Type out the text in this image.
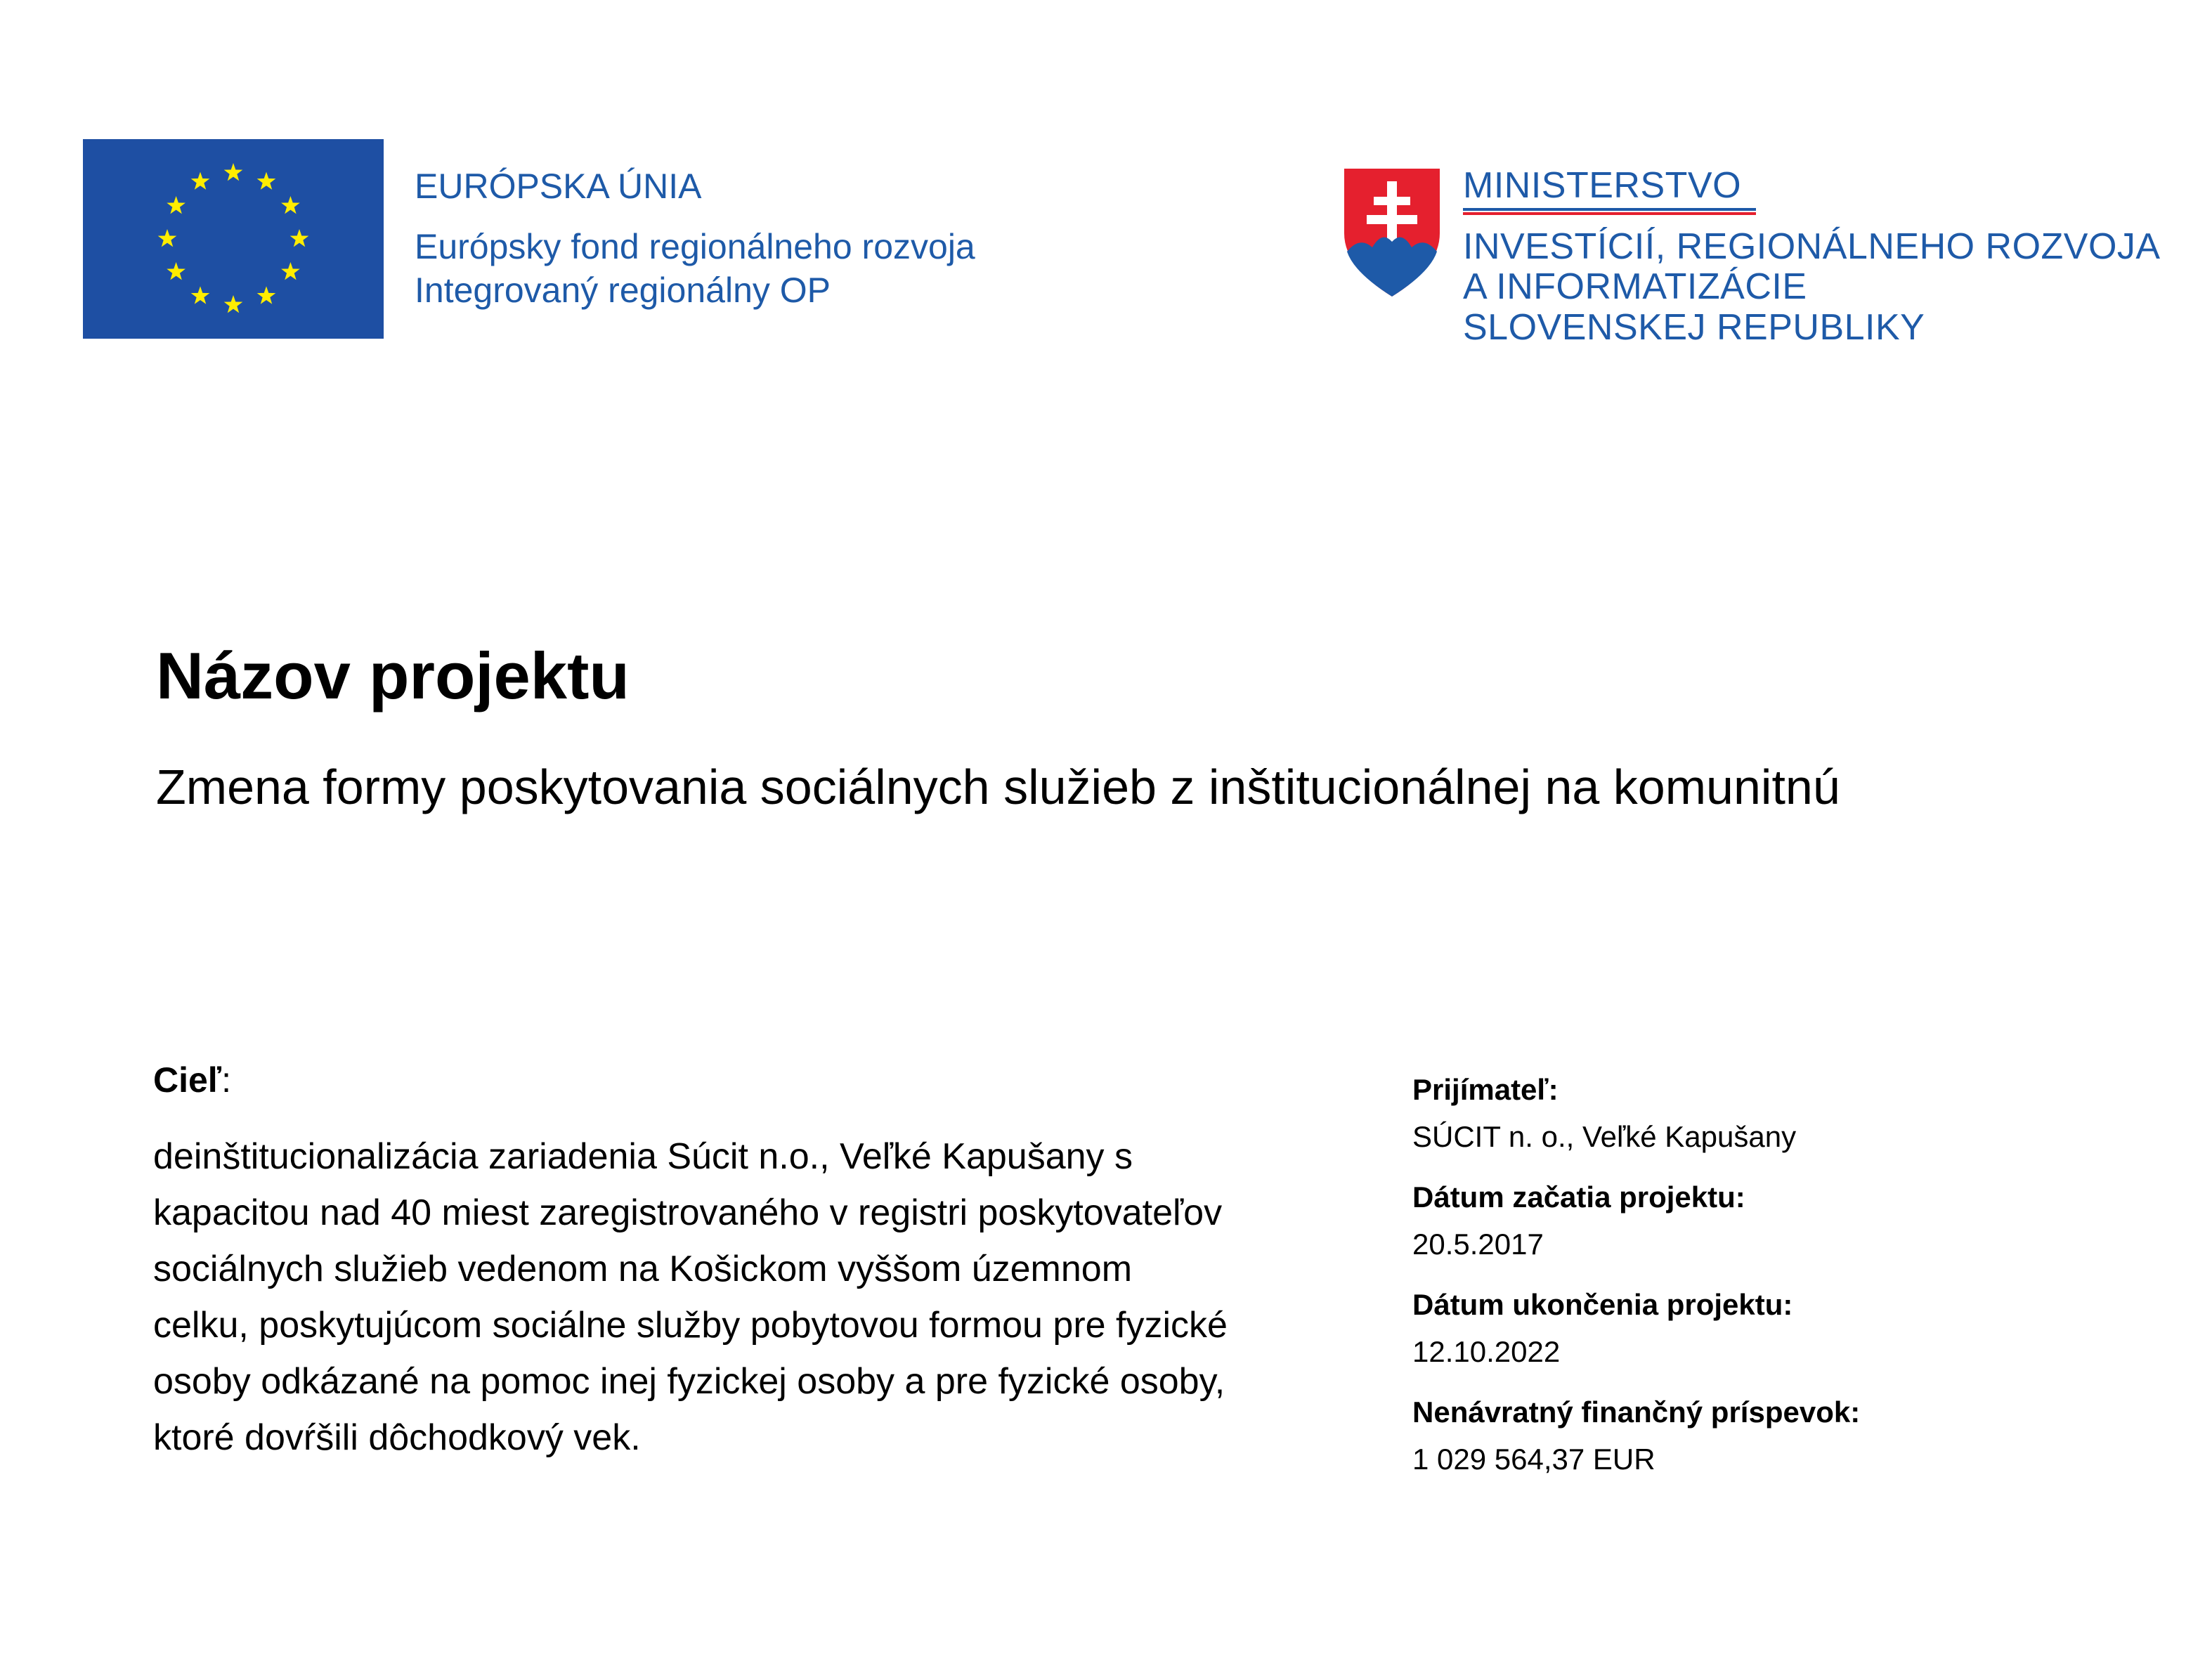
EURÓPSKA ÚNIA
Európsky fond regionálneho rozvoja
Integrovaný regionálny OP
MINISTERSTVO
INVESTÍCIÍ, REGIONÁLNEHO ROZVOJA
A INFORMATIZÁCIE
SLOVENSKEJ REPUBLIKY
Názov projektu
Zmena formy poskytovania sociálnych služieb z inštitucionálnej na komunitnú
Cieľ:
deinštitucionalizácia zariadenia Súcit n.o., Veľké Kapušany s kapacitou nad 40 miest zaregistrovaného v registri poskytovateľov sociálnych služieb vedenom na Košickom vyššom územnom celku, poskytujúcom sociálne služby pobytovou formou pre fyzické osoby odkázané na pomoc inej fyzickej osoby a pre fyzické osoby, ktoré dovŕšili dôchodkový vek.
Prijímateľ:
SÚCIT n. o., Veľké Kapušany
Dátum začatia projektu:
20.5.2017
Dátum ukončenia projektu:
12.10.2022
Nenávratný finančný príspevok:
1 029 564,37 EUR
